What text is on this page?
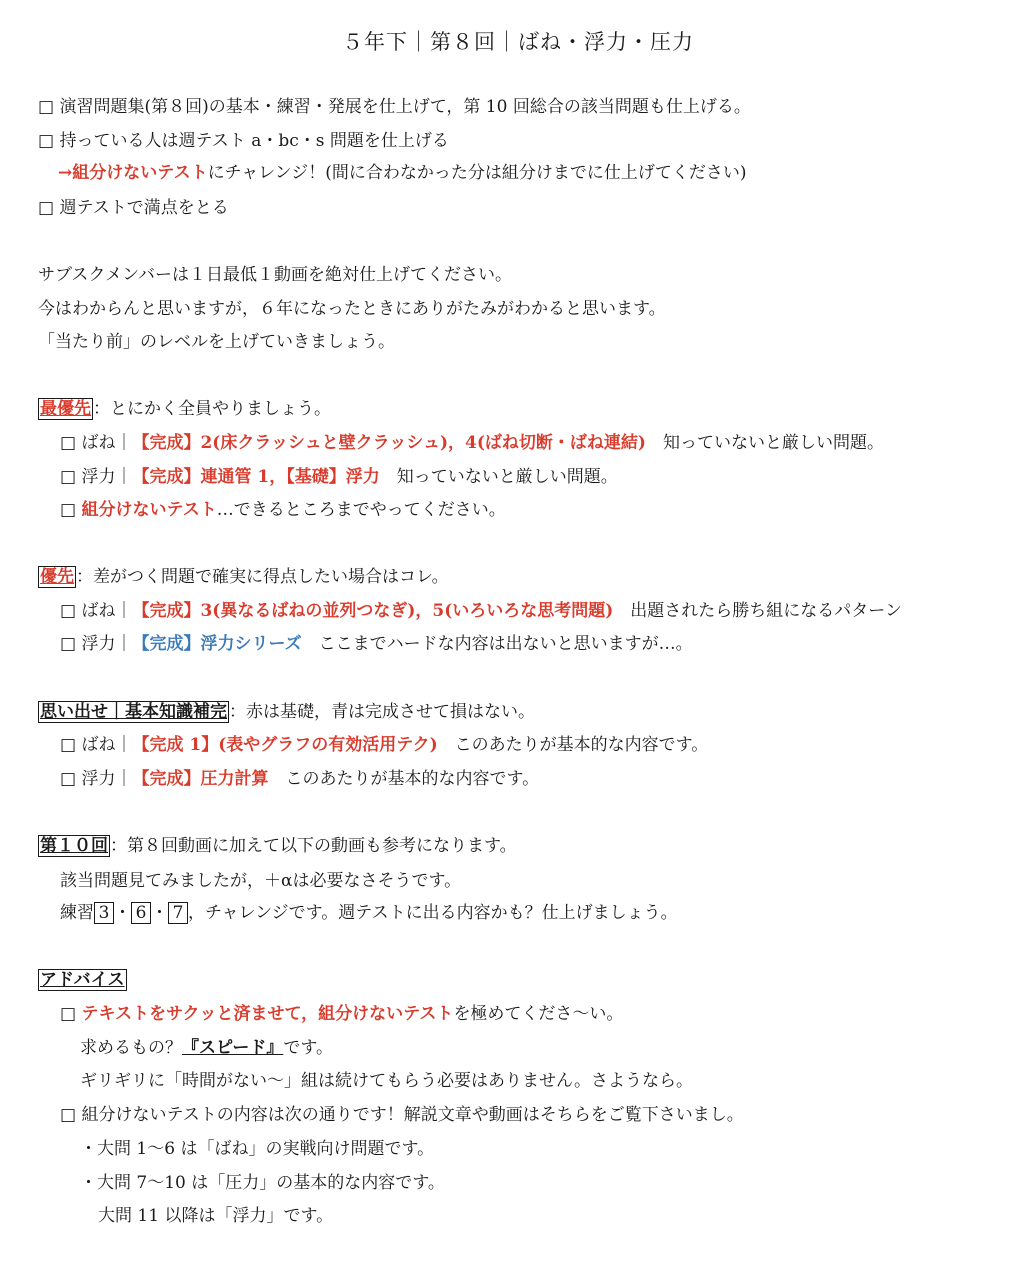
５年下｜第８回｜ばね・浮力・圧力
□ 演習問題集(第８回)の基本・練習・発展を仕上げて，第 10 回総合の該当問題も仕上げる。
□ 持っている人は週テスト a・bc・s 問題を仕上げる
→組分けないテストにチャレンジ！(間に合わなかった分は組分けまでに仕上げてください)
□ 週テストで満点をとる
サブスクメンバーは１日最低１動画を絶対仕上げてください。
今はわからんと思いますが，６年になったときにありがたみがわかると思います。
「当たり前」のレベルを上げていきましょう。
最優先 ：とにかく全員やりましょう。
□ ばね｜【完成】2(床クラッシュと壁クラッシュ)，4(ばね切断・ばね連結)　知っていないと厳しい問題。
□ 浮力｜【完成】連通管 1，【基礎】浮力　知っていないと厳しい問題。
□ 組分けないテスト…できるところまでやってください。
優先 ：差がつく問題で確実に得点したい場合はコレ。
□ ばね｜【完成】3(異なるばねの並列つなぎ)，5(いろいろな思考問題)　出題されたら勝ち組になるパターン
□ 浮力｜【完成】浮力シリーズ　ここまでハードな内容は出ないと思いますが…。
思い出せ｜基本知識補完 ：赤は基礎，青は完成させて損はない。
□ ばね｜【完成 1】(表やグラフの有効活用テク)　このあたりが基本的な内容です。
□ 浮力｜【完成】圧力計算　このあたりが基本的な内容です。
第１０回 ：第８回動画に加えて以下の動画も参考になります。
該当問題見てみましたが，＋αは必要なさそうです。
練習 3 ・ 6 ・ 7 ，チャレンジです。週テストに出る内容かも？仕上げましょう。
アドバイス
□ テキストをサクッと済ませて，組分けないテストを極めてくださ〜い。
求めるもの？『スピード』です。
ギリギリに「時間がない〜」組は続けてもらう必要はありません。さようなら。
□ 組分けないテストの内容は次の通りです！解説文章や動画はそちらをご覧下さいまし。
・大問 1〜6 は「ばね」の実戦向け問題です。
・大問 7〜10 は「圧力」の基本的な内容です。
大問 11 以降は「浮力」です。
